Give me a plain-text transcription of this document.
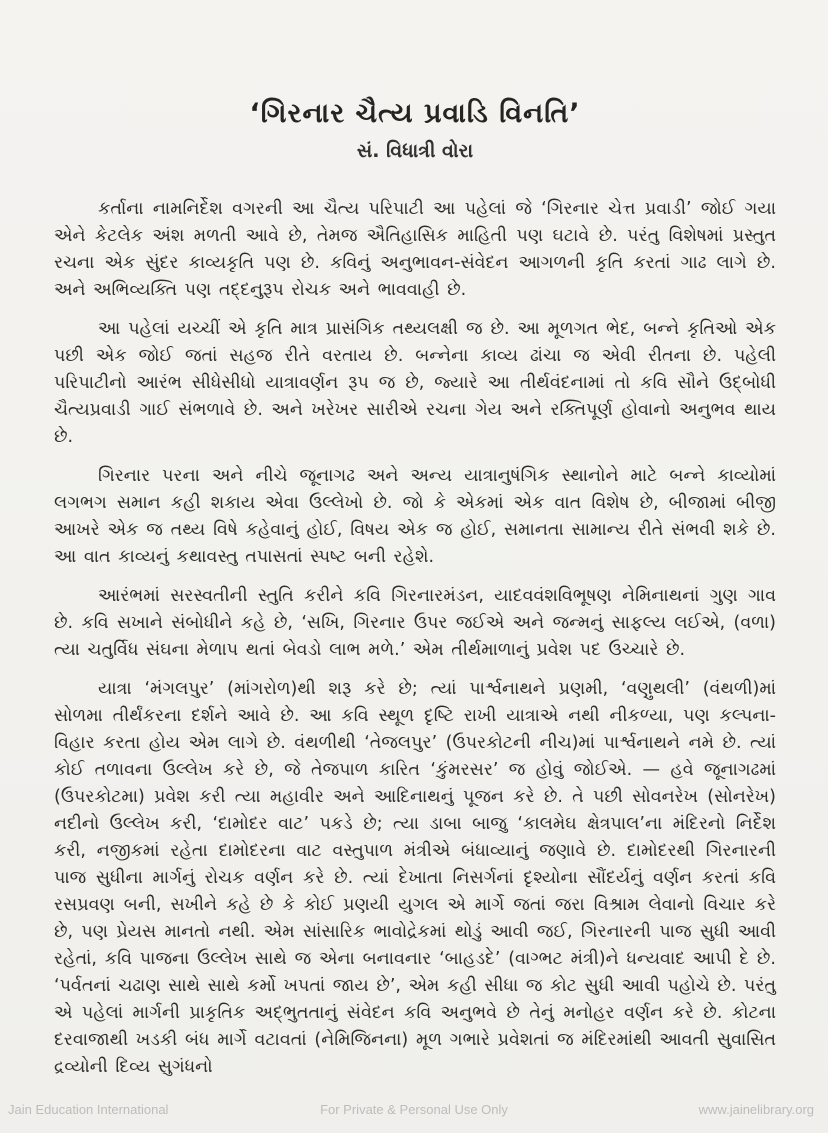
‘ગિરનાર ચૈત્ય પ્રવાડિ વિનતિ’
સં. વિધાત્રી વોરા

કર્તાના નામનિર્દેશ વગરની આ ચૈત્ય પરિપાટી આ પહેલાં જે ‘ગિરનાર ચેત્ત પ્રવાડી’ જોઈ ગયા એને કેટલેક અંશ મળતી આવે છે, તેમજ ઐતિહાસિક માહિતી પણ ઘટાવે છે. પરંતુ વિશેષમાં પ્રસ્તુત રચના એક સુંદર કાવ્યકૃતિ પણ છે. કવિનું અનુભાવન-સંવેદન આગળની કૃતિ કરતાં ગાઢ લાગે છે. અને અભિવ્યક્તિ પણ તદ્દનુરૂપ રોચક અને ભાવવાહી છે.

આ પહેલાં યચ્ચીં એ કૃતિ માત્ર પ્રાસંગિક તથ્યલક્ષી જ છે. આ મૂળગત ભેદ, બન્ને કૃતિઓ એક પછી એક જોઈ જતાં સહજ રીતે વરતાય છે. બન્નેના કાવ્ય ઢાંચા જ એવી રીતના છે. પહેલી પરિપાટીનો આરંભ સીધેસીધો યાત્રાવર્ણન રૂપ જ છે, જ્યારે આ તીર્થવંદનામાં તો કવિ સૌને ઉદ્બોધી ચૈત્યપ્રવાડી ગાઈ સંભળાવે છે. અને ખરેખર સારીએ રચના ગેય અને રક્તિપૂર્ણ હોવાનો અનુભવ થાય છે.

ગિરનાર પરના અને નીચે જૂનાગઢ અને અન્ય યાત્રાનુષંગિક સ્થાનોને માટે બન્ને કાવ્યોમાં લગભગ સમાન કહી શકાય એવા ઉલ્લેખો છે. જો કે એકમાં એક વાત વિશેષ છે, બીજામાં બીજી આખરે એક જ તથ્ય વિષે કહેવાનું હોઈ, વિષય એક જ હોઈ, સમાનતા સામાન્ય રીતે સંભવી શકે છે. આ વાત કાવ્યનું કથાવસ્તુ તપાસતાં સ્પષ્ટ બની રહેશે.

આરંભમાં સરસ્વતીની સ્તુતિ કરીને કવિ ગિરનારમંડન, યાદવવંશવિભૂષણ નેમિનાથનાં ગુણ ગાવ છે. કવિ સખાને સંબોધીને કહે છે, ‘સખિ, ગિરનાર ઉપર જઈએ અને જન્મનું સાફલ્ય લઈએ, (વળા) ત્યા ચતુર્વિધ સંઘના મેળાપ થતાં બેવડો લાભ મળે.’ એમ તીર્થમાળાનું પ્રવેશ પદ ઉચ્ચારે છે.

યાત્રા ‘મંગલપુર’ (માંગરોળ)થી શરૂ કરે છે; ત્યાં પાર્શ્વનાથને પ્રણમી, ‘વણુથલી’ (વંથળી)માં સોળમા તીર્થંકરના દર્શને આવે છે. આ કવિ સ્થૂળ દૃષ્ટિ રાખી યાત્રાએ નથી નીકળ્યા, પણ કલ્પના-વિહાર કરતા હોય એમ લાગે છે. વંથળીથી ‘તેજલપુર’ (ઉપરકોટની નીચ)માં પાર્શ્વનાથને નમે છે. ત્યાં કોઈ તળાવના ઉલ્લેખ કરે છે, જે તેજપાળ કારિત ‘કુંમરસર’ જ હોવું જોઈએ. — હવે જૂનાગઢમાં (ઉપરકોટમા) પ્રવેશ કરી ત્યા મહાવીર અને આદિનાથનું પૂજન કરે છે. તે પછી સોવનરેખ (સોનરેખ) નદીનો ઉલ્લેખ કરી, ‘દામોદર વાટ’ પકડે છે; ત્યા ડાબા બાજુ ‘કાલમેઘ ક્ષેત્રપાલ’ના મંદિરનો નિર્દેશ કરી, નજીકમાં રહેતા દામોદરના વાટ વસ્તુપાળ મંત્રીએ બંધાવ્યાનું જણાવે છે. દામોદરથી ગિરનારની પાજ સુધીના માર્ગનું રોચક વર્ણન કરે છે. ત્યાં દેખાતા નિસર્ગનાં દૃશ્યોના સૌંદર્યનું વર્ણન કરતાં કવિ રસપ્રવણ બની, સખીને કહે છે કે કોઈ પ્રણયી યુગલ એ માર્ગે જતાં જરા વિશ્રામ લેવાનો વિચાર કરે છે, પણ પ્રેયસ માનતો નથી. એમ સાંસારિક ભાવોદ્રેકમાં થોડું આવી જઈ, ગિરનારની પાજ સુધી આવી રહેતાં, કવિ પાજના ઉલ્લેખ સાથે જ એના બનાવનાર ‘બાહડદે’ (વાગ્ભટ મંત્રી)ને ધન્યવાદ આપી દે છે. ‘પર્વતનાં ચઢાણ સાથે સાથે કર્મો ખપતાં જાય છે’, એમ કહી સીધા જ કોટ સુધી આવી પહોચે છે. પરંતુ એ પહેલાં માર્ગની પ્રાકૃતિક અદ્ભુતતાનું સંવેદન કવિ અનુભવે છે તેનું મનોહર વર્ણન કરે છે. કોટના દરવાજાથી ખડકી બંધ માર્ગે વટાવતાં (નેમિજિનના) મૂળ ગભારે પ્રવેશતાં જ મંદિરમાંથી આવતી સુવાસિત દ્રવ્યોની દિવ્ય સુગંધનો

For Private & Personal Use Only
Jain Education International	www.jainelibrary.org
